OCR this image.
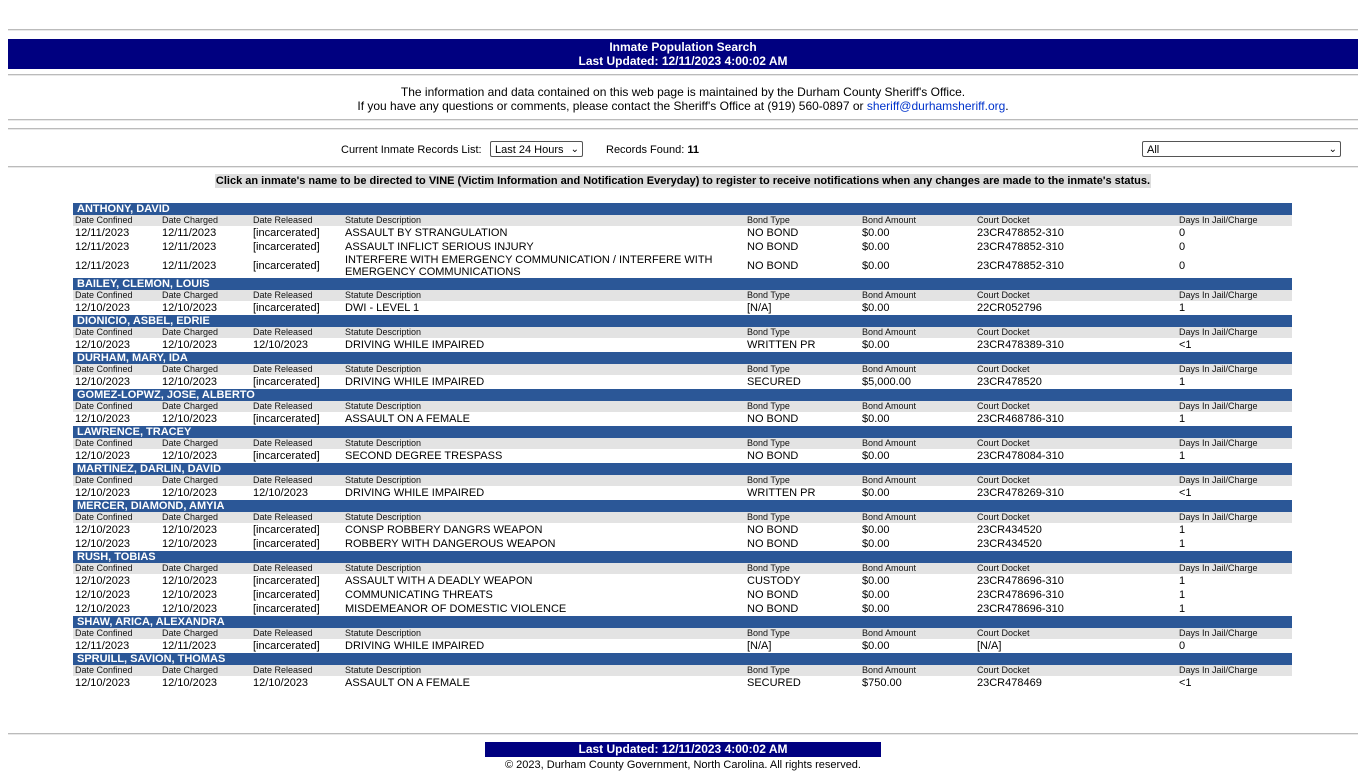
Inmate Population Search
Last Updated: 12/11/2023 4:00:02 AM
The information and data contained on this web page is maintained by the Durham County Sheriff's Office.
If you have any questions or comments, please contact the Sheriff's Office at (919) 560-0897 or sheriff@durhamsheriff.org.
Current Inmate Records List:	Last 24 Hours ⌄ Records Found: 11	All	⌄
Click an inmate's name to be directed to VINE (Victim Information and Notification Everyday) to register to receive notifications when any changes are made to the inmate's status.
ANTHONY, DAVID							
Date Confined	Date Charged	Date Released	Statute Description	Bond Type	Bond Amount	Court Docket	Days In Jail/Charge
12/11/2023	12/11/2023	[incarcerated]	ASSAULT BY STRANGULATION	NO BOND	$0.00	23CR478852-310	0
12/11/2023	12/11/2023	[incarcerated]	ASSAULT INFLICT SERIOUS INJURY	NO BOND	$0.00	23CR478852-310	0
12/11/2023	12/11/2023	[incarcerated]	INTERFERE WITH EMERGENCY COMMUNICATION / INTERFERE WITH EMERGENCY COMMUNICATIONS	NO BOND	$0.00	23CR478852-310	0
BAILEY, CLEMON, LOUIS							
Date Confined	Date Charged	Date Released	Statute Description	Bond Type	Bond Amount	Court Docket	Days In Jail/Charge
12/10/2023	12/10/2023	[incarcerated]	DWI - LEVEL 1	[N/A]	$0.00	22CR052796	1
DIONICIO, ASBEL, EDRIE							
Date Confined	Date Charged	Date Released	Statute Description	Bond Type	Bond Amount	Court Docket	Days In Jail/Charge
12/10/2023	12/10/2023	12/10/2023	DRIVING WHILE IMPAIRED	WRITTEN PR	$0.00	23CR478389-310	<1
DURHAM, MARY, IDA							
Date Confined	Date Charged	Date Released	Statute Description	Bond Type	Bond Amount	Court Docket	Days In Jail/Charge
12/10/2023	12/10/2023	[incarcerated]	DRIVING WHILE IMPAIRED	SECURED	$5,000.00	23CR478520	1
GOMEZ-LOPWZ, JOSE, ALBERTO							
Date Confined	Date Charged	Date Released	Statute Description	Bond Type	Bond Amount	Court Docket	Days In Jail/Charge
12/10/2023	12/10/2023	[incarcerated]	ASSAULT ON A FEMALE	NO BOND	$0.00	23CR468786-310	1
LAWRENCE, TRACEY							
Date Confined	Date Charged	Date Released	Statute Description	Bond Type	Bond Amount	Court Docket	Days In Jail/Charge
12/10/2023	12/10/2023	[incarcerated]	SECOND DEGREE TRESPASS	NO BOND	$0.00	23CR478084-310	1
MARTINEZ, DARLIN, DAVID							
Date Confined	Date Charged	Date Released	Statute Description	Bond Type	Bond Amount	Court Docket	Days In Jail/Charge
12/10/2023	12/10/2023	12/10/2023	DRIVING WHILE IMPAIRED	WRITTEN PR	$0.00	23CR478269-310	<1
MERCER, DIAMOND, AMYIA							
Date Confined	Date Charged	Date Released	Statute Description	Bond Type	Bond Amount	Court Docket	Days In Jail/Charge
12/10/2023	12/10/2023	[incarcerated]	CONSP ROBBERY DANGRS WEAPON	NO BOND	$0.00	23CR434520	1
12/10/2023	12/10/2023	[incarcerated]	ROBBERY WITH DANGEROUS WEAPON	NO BOND	$0.00	23CR434520	1
RUSH, TOBIAS							
Date Confined	Date Charged	Date Released	Statute Description	Bond Type	Bond Amount	Court Docket	Days In Jail/Charge
12/10/2023	12/10/2023	[incarcerated]	ASSAULT WITH A DEADLY WEAPON	CUSTODY	$0.00	23CR478696-310	1
12/10/2023	12/10/2023	[incarcerated]	COMMUNICATING THREATS	NO BOND	$0.00	23CR478696-310	1
12/10/2023	12/10/2023	[incarcerated]	MISDEMEANOR OF DOMESTIC VIOLENCE	NO BOND	$0.00	23CR478696-310	1
SHAW, ARICA, ALEXANDRA							
Date Confined	Date Charged	Date Released	Statute Description	Bond Type	Bond Amount	Court Docket	Days In Jail/Charge
12/11/2023	12/11/2023	[incarcerated]	DRIVING WHILE IMPAIRED	[N/A]	$0.00	[N/A]	0
SPRUILL, SAVION, THOMAS							
Date Confined	Date Charged	Date Released	Statute Description	Bond Type	Bond Amount	Court Docket	Days In Jail/Charge
12/10/2023	12/10/2023	12/10/2023	ASSAULT ON A FEMALE	SECURED	$750.00	23CR478469	<1
Last Updated: 12/11/2023 4:00:02 AM
© 2023, Durham County Government, North Carolina. All rights reserved.
